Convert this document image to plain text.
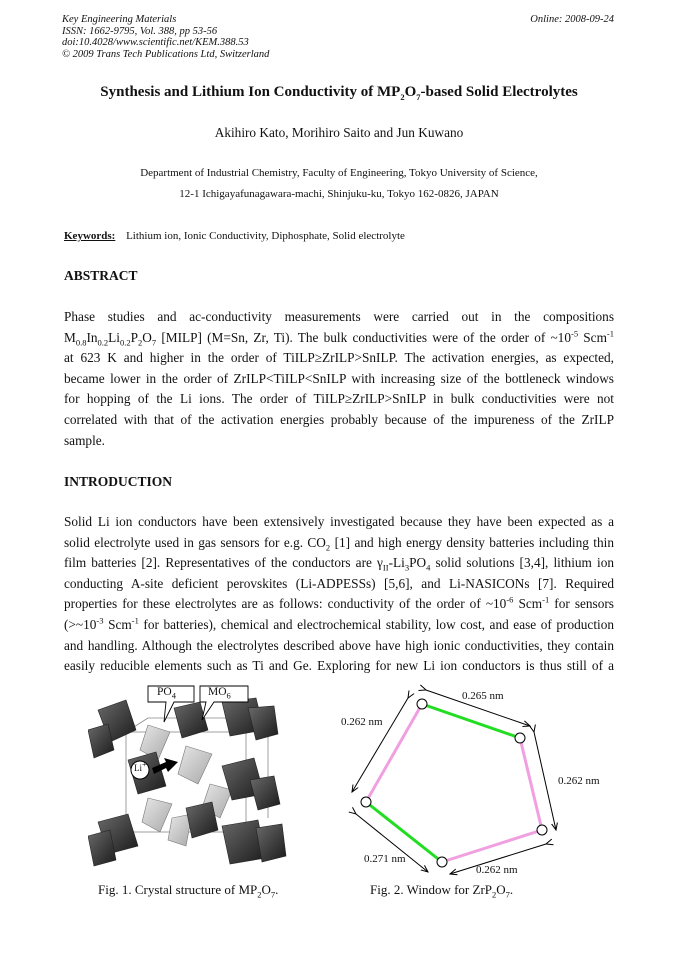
Key Engineering Materials
ISSN: 1662-9795, Vol. 388, pp 53-56
doi:10.4028/www.scientific.net/KEM.388.53
© 2009 Trans Tech Publications Ltd, Switzerland
Online: 2008-09-24
Synthesis and Lithium Ion Conductivity of $MP_2O_7$-based Solid Electrolytes
Akihiro Kato, Morihiro Saito and Jun Kuwano
Department of Industrial Chemistry, Faculty of Engineering, Tokyo University of Science,
12-1 Ichigayafunagawara-machi, Shinjuku-ku, Tokyo 162-0826, JAPAN
Keywords: Lithium ion, Ionic Conductivity, Diphosphate, Solid electrolyte
ABSTRACT
Phase studies and ac-conductivity measurements were carried out in the compositions
$M_{0.8}In_{0.2}Li_{0.2}P_2O_7$ [MILP] (M=Sn, Zr, Ti). The bulk conductivities were of the order of $\sim 10^{-5}$ Scm$^{-1}$
at 623 K and higher in the order of TiILP≥ZrILP>SnILP. The activation energies, as expected,
became lower in the order of ZrILP<TiILP<SnILP with increasing size of the bottleneck windows
for hopping of the Li ions. The order of TiILP≥ZrILP>SnILP in bulk conductivities were not
correlated with that of the activation energies probably because of the impureness of the ZrILP
sample.
INTRODUCTION
Solid Li ion conductors have been extensively investigated because they have been expected as a
solid electrolyte used in gas sensors for e.g. $CO_2$ [1] and high energy density batteries including thin
film batteries [2]. Representatives of the conductors are $\gamma_{II}-Li_3PO_4$ solid solutions [3,4], lithium ion
conducting A-site deficient perovskites (Li-ADPESSs) [5,6], and Li-NASICONs [7]. Required
properties for these electrolytes are as follows: conductivity of the order of $\sim 10^{-6}$ Scm$^{-1}$ for sensors
($>\sim 10^{-3}$ Scm$^{-1}$ for batteries), chemical and electrochemical stability, low cost, and ease of production
and handling. Although the electrolytes described above have high ionic conductivities, they contain
easily reducible elements such as Ti and Ge. Exploring for new Li ion conductors is thus still of a
$PO_4$	$MO_6$
Li+
Fig. 1. Crystal structure of $MP_2O_7$.
0.265 nm
0.262 nm
0.262 nm
0.271 nm
0.262 nm
Fig. 2. Window for $ZrP_2O_7$.
